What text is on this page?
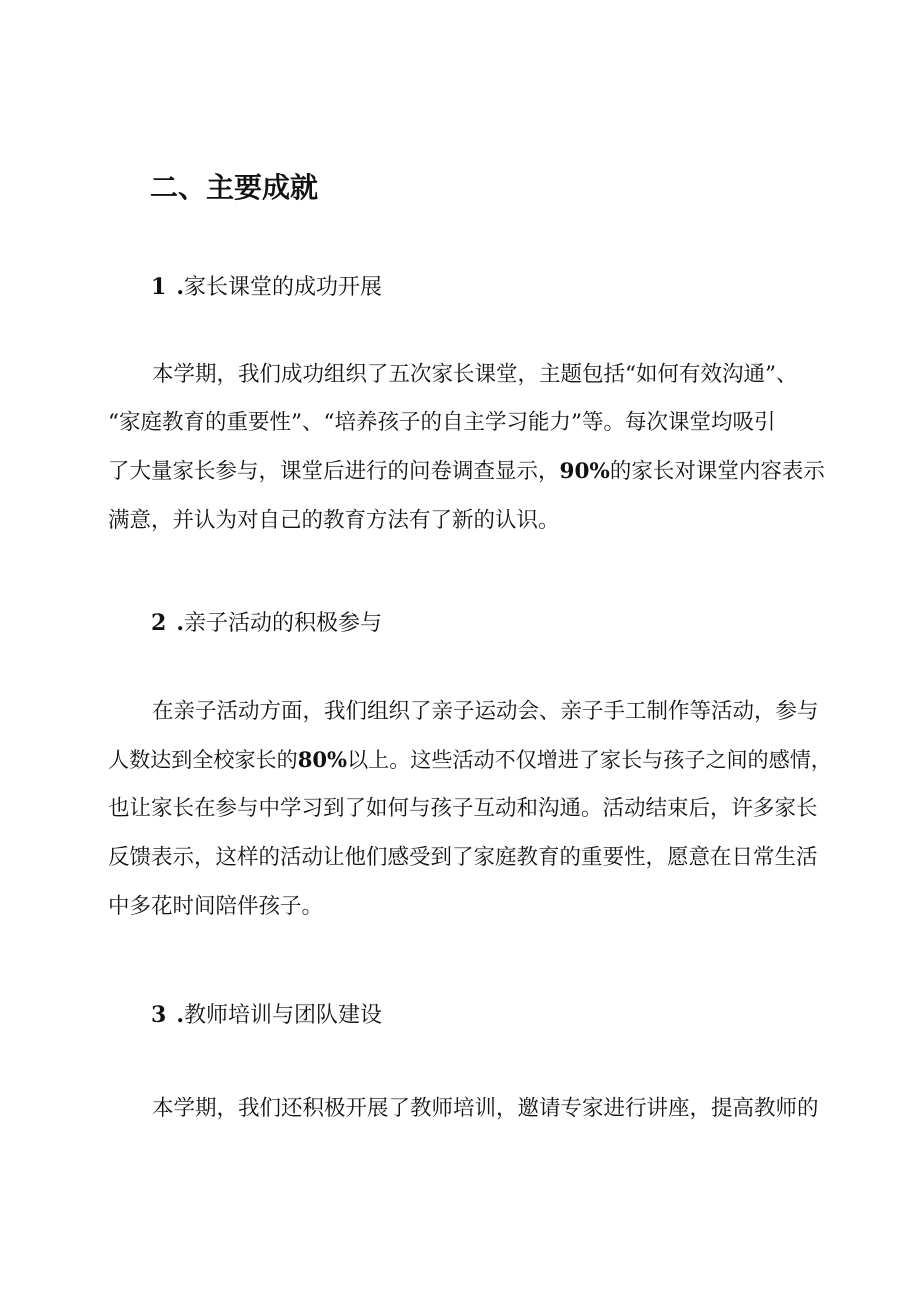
二、主要成就
1 .家长课堂的成功开展
本学期，我们成功组织了五次家长课堂，主题包括“如何有效沟通”、
“家庭教育的重要性”、“培养孩子的自主学习能力”等。每次课堂均吸引
了大量家长参与，课堂后进行的问卷调查显示，90%的家长对课堂内容表示
满意，并认为对自己的教育方法有了新的认识。
2 .亲子活动的积极参与
在亲子活动方面，我们组织了亲子运动会、亲子手工制作等活动，参与
人数达到全校家长的80%以上。这些活动不仅增进了家长与孩子之间的感情，
也让家长在参与中学习到了如何与孩子互动和沟通。活动结束后，许多家长
反馈表示，这样的活动让他们感受到了家庭教育的重要性，愿意在日常生活
中多花时间陪伴孩子。
3 .教师培训与团队建设
本学期，我们还积极开展了教师培训，邀请专家进行讲座，提高教师的
